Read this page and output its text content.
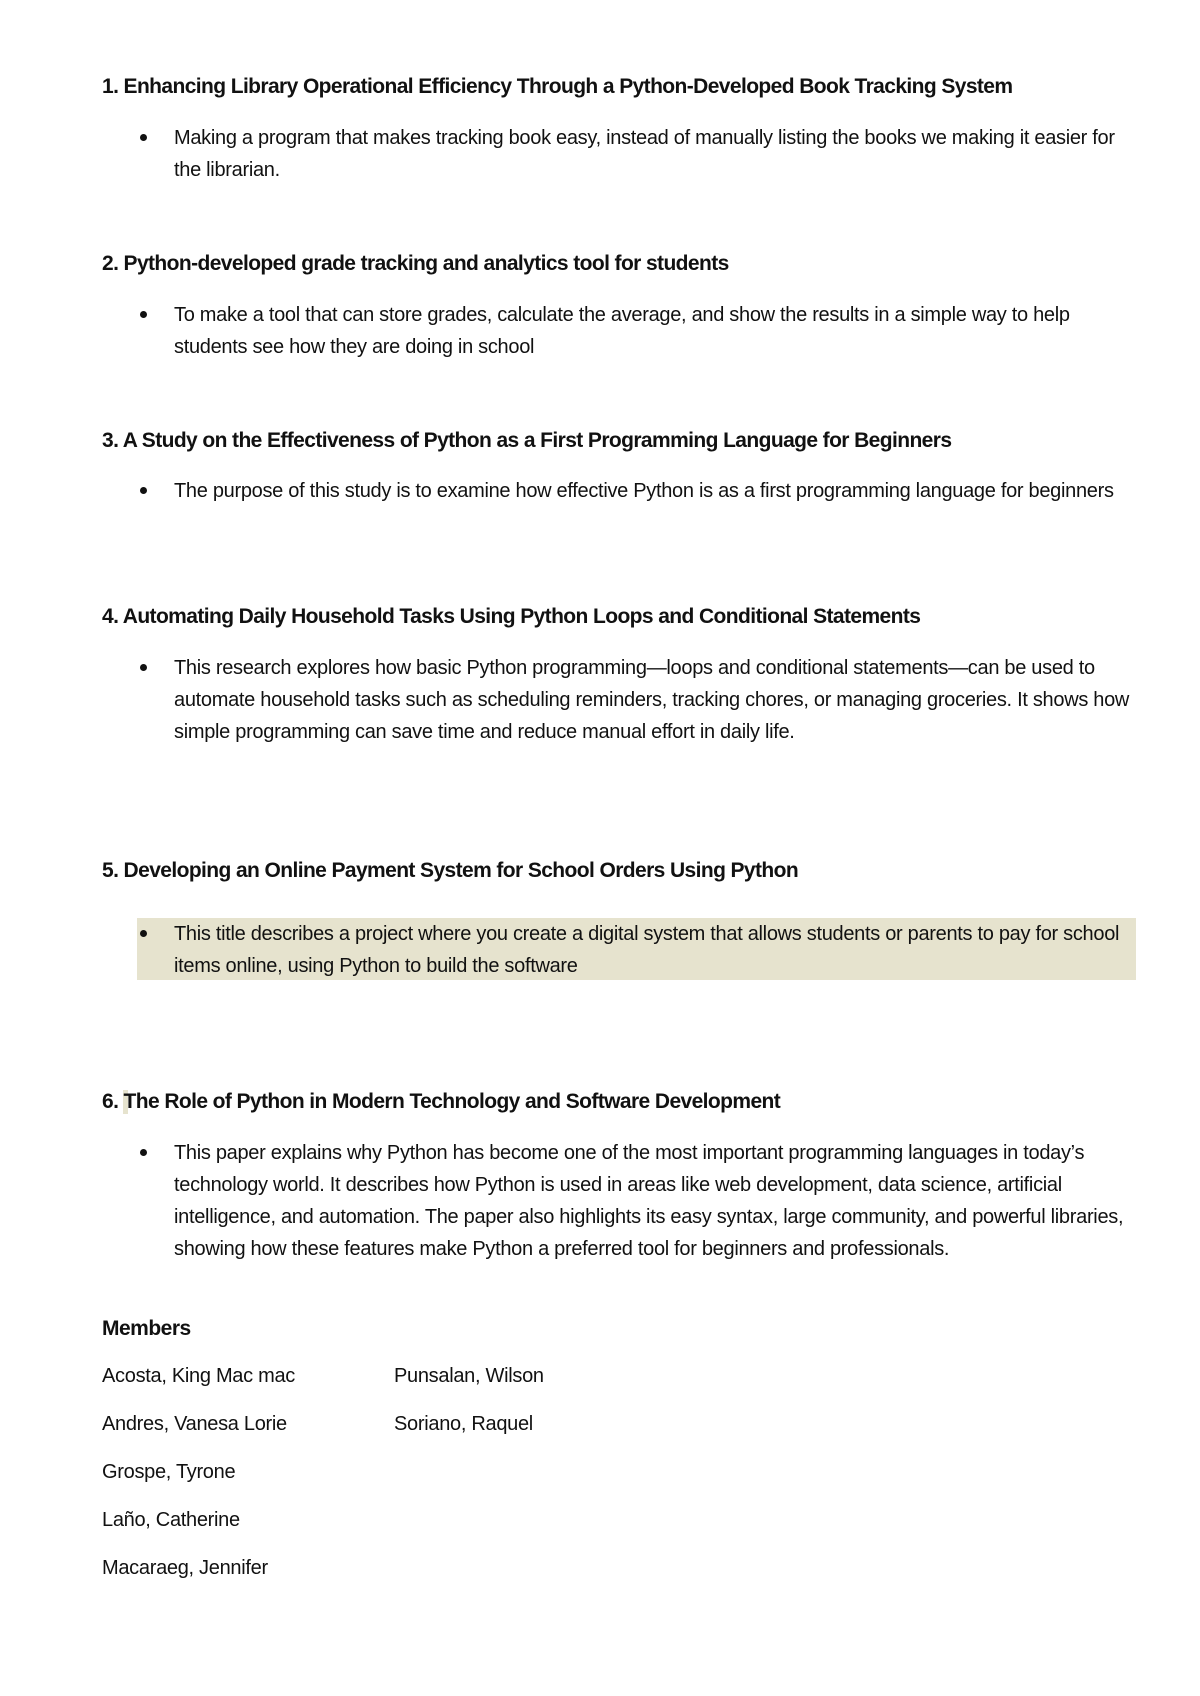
1. Enhancing Library Operational Efficiency Through a Python-Developed Book Tracking System
Making a program that makes tracking book easy, instead of manually listing the books we making it easier for the librarian.
2. Python-developed grade tracking and analytics tool for students
To make a tool that can store grades, calculate the average, and show the results in a simple way to help students see how they are doing in school
3. A Study on the Effectiveness of Python as a First Programming Language for Beginners
The purpose of this study is to examine how effective Python is as a first programming language for beginners
4. Automating Daily Household Tasks Using Python Loops and Conditional Statements
This research explores how basic Python programming—loops and conditional statements—can be used to automate household tasks such as scheduling reminders, tracking chores, or managing groceries. It shows how simple programming can save time and reduce manual effort in daily life.
5. Developing an Online Payment System for School Orders Using Python
This title describes a project where you create a digital system that allows students or parents to pay for school items online, using Python to build the software
6. The Role of Python in Modern Technology and Software Development
This paper explains why Python has become one of the most important programming languages in today’s technology world. It describes how Python is used in areas like web development, data science, artificial intelligence, and automation. The paper also highlights its easy syntax, large community, and powerful libraries, showing how these features make Python a preferred tool for beginners and professionals.
Members
Acosta, King Mac mac
Andres, Vanesa Lorie
Grospe, Tyrone
Laño, Catherine
Macaraeg, Jennifer
Punsalan, Wilson
Soriano, Raquel
